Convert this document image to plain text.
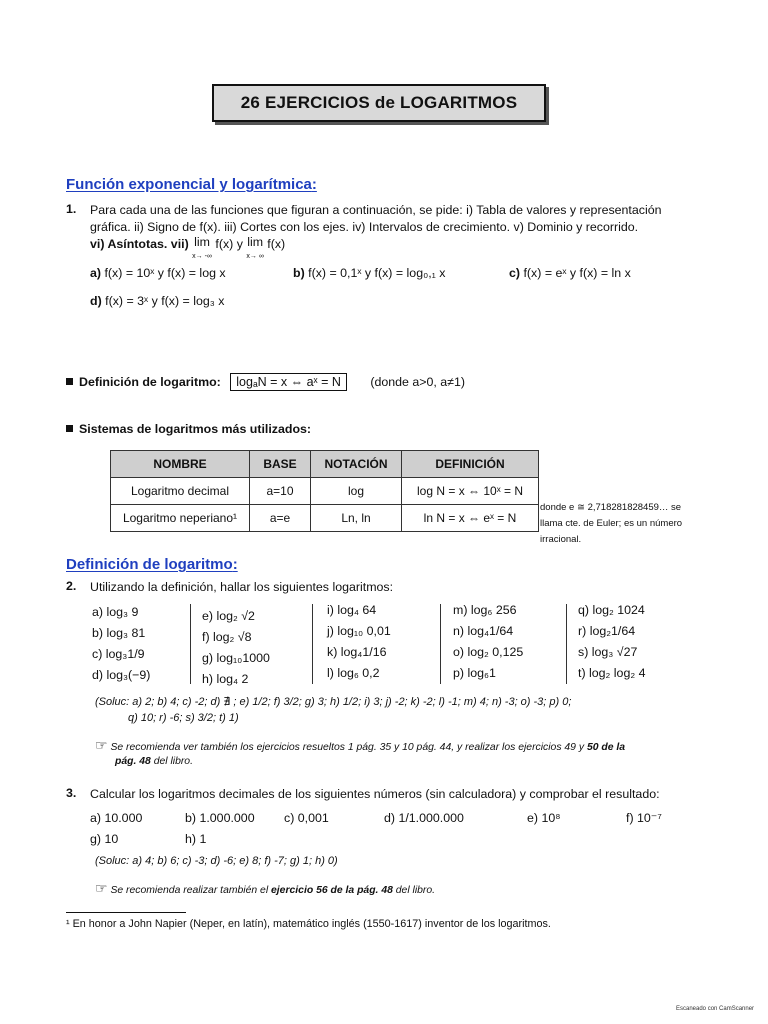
26 EJERCICIOS de LOGARITMOS
Función exponencial y logarítmica:
1. Para cada una de las funciones que figuran a continuación, se pide: i) Tabla de valores y representación
gráfica. ii) Signo de f(x). iii) Cortes con los ejes. iv) Intervalos de crecimiento. v) Dominio y recorrido.
vi) Asíntotas. vii) lim
x→ -∞ f(x) y lim
x→ ∞ f(x)
a) f(x) = 10ˣ y f(x) = log x	b) f(x) = 0,1ˣ y f(x) = log₀,₁ x	c) f(x) = eˣ y f(x) = ln x
d) f(x) = 3ˣ y f(x) = log₃ x
Definición de logaritmo: logₐN = x ⇔ aˣ = N (donde a>0, a≠1)
Sistemas de logaritmos más utilizados:
NOMBRE	BASE	NOTACIÓN	DEFINICIÓN
Logaritmo decimal	a=10	log	log N = x ⇔ 10ˣ = N
Logaritmo neperiano¹	a=e	Ln, ln	ln N = x ⇔ eˣ = N
donde e ≅ 2,718281828459… se llama cte. de Euler; es un número irracional.
Definición de logaritmo:
2. Utilizando la definición, hallar los siguientes logaritmos:
a) log₃ 9
b) log₃ 81
c) log₃1/9
d) log₃(−9)
e) log₂ √2
f) log₂ √8
g) log₁₀1000
h) log₄ 2
i) log₄ 64
j) log₁₀ 0,01
k) log₄1/16
l) log₆ 0,2
m) log₆ 256
n) log₄1/64
o) log₂ 0,125
p) log₆1
q) log₂ 1024
r) log₂1/64
s) log₃ √27
t) log₂ log₂ 4
(Soluc: a) 2; b) 4; c) -2; d) ∄ ; e) 1/2; f) 3/2; g) 3; h) 1/2; i) 3; j) -2; k) -2; l) -1; m) 4; n) -3; o) -3; p) 0;
q) 10; r) -6; s) 3/2; t) 1)
☞ Se recomienda ver también los ejercicios resueltos 1 pág. 35 y 10 pág. 44, y realizar los ejercicios 49 y 50 de la
pág. 48 del libro.
3. Calcular los logaritmos decimales de los siguientes números (sin calculadora) y comprobar el resultado:
a) 10.000	b) 1.000.000 c) 0,001	d) 1/1.000.000	e) 10⁸	f) 10⁻⁷
g) 10	h) 1
(Soluc: a) 4; b) 6; c) -3; d) -6; e) 8; f) -7; g) 1; h) 0)
☞ Se recomienda realizar también el ejercicio 56 de la pág. 48 del libro.
¹ En honor a John Napier (Neper, en latín), matemático inglés (1550-1617) inventor de los logaritmos.
Escaneado con CamScanner
